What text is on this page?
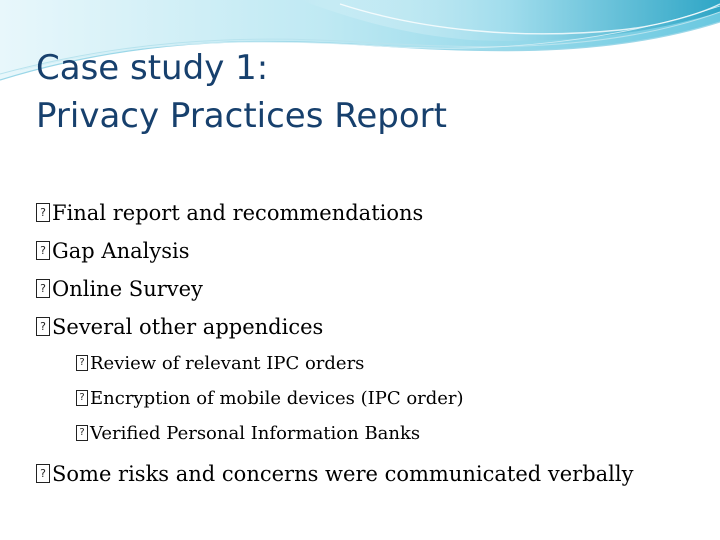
Case study 1:
Privacy Practices Report
?
Final report and recommendations
?
Gap Analysis
?
Online Survey
?
Several other appendices
?
Review of relevant IPC orders
?
Encryption of mobile devices (IPC order)
?
Verified Personal Information Banks
?
Some risks and concerns were communicated verbally
